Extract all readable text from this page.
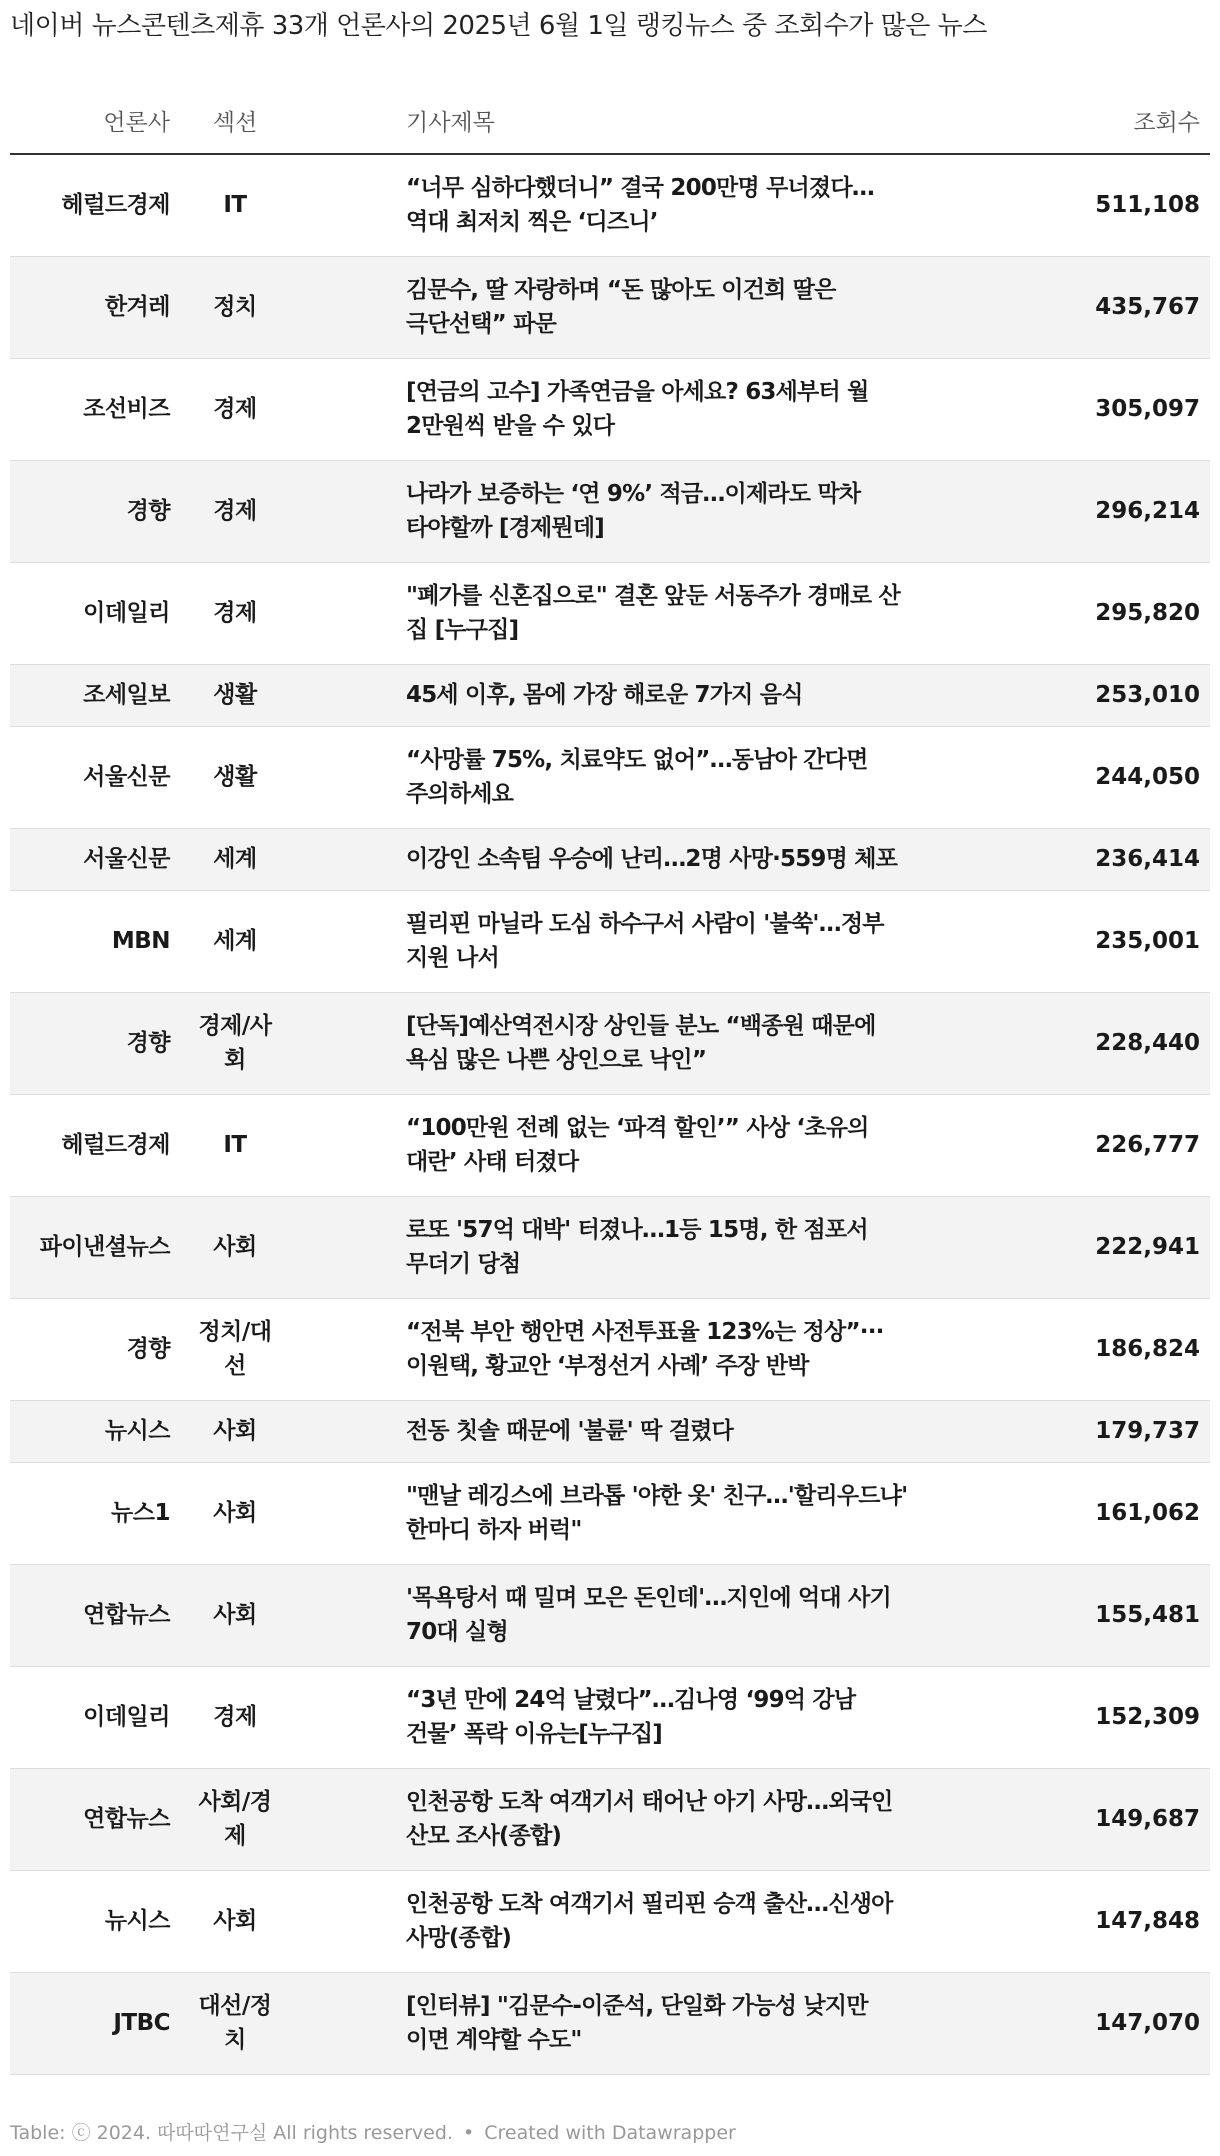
네이버 뉴스콘텐츠제휴 33개 언론사의 2025년 6월 1일 랭킹뉴스 중 조회수가 많은 뉴스
언론사	섹션	기사제목	조회수
헤럴드경제	IT	“너무 심하다했더니” 결국 200만명 무너졌다…역대 최저치 찍은 ‘디즈니’	511,108
한겨레	정치	김문수, 딸 자랑하며 “돈 많아도 이건희 딸은 극단선택” 파문	435,767
조선비즈	경제	[연금의 고수] 가족연금을 아세요? 63세부터 월 2만원씩 받을 수 있다	305,097
경향	경제	나라가 보증하는 ‘연 9%’ 적금…이제라도 막차 타야할까 [경제뭔데]	296,214
이데일리	경제	"폐가를 신혼집으로" 결혼 앞둔 서동주가 경매로 산 집 [누구집]	295,820
조세일보	생활	45세 이후, 몸에 가장 해로운 7가지 음식	253,010
서울신문	생활	“사망률 75%, 치료약도 없어”…동남아 간다면 주의하세요	244,050
서울신문	세계	이강인 소속팀 우승에 난리…2명 사망·559명 체포	236,414
MBN	세계	필리핀 마닐라 도심 하수구서 사람이 '불쑥'…정부 지원 나서	235,001
경향	경제/사회	[단독]예산역전시장 상인들 분노 “백종원 때문에 욕심 많은 나쁜 상인으로 낙인”	228,440
헤럴드경제	IT	“100만원 전례 없는 ‘파격 할인’” 사상 ‘초유의 대란’ 사태 터졌다	226,777
파이낸셜뉴스	사회	로또 '57억 대박' 터졌나…1등 15명, 한 점포서 무더기 당첨	222,941
경향	정치/대선	“전북 부안 행안면 사전투표율 123%는 정상”···이원택, 황교안 ‘부정선거 사례’ 주장 반박	186,824
뉴시스	사회	전동 칫솔 때문에 '불륜' 딱 걸렸다	179,737
뉴스1	사회	"맨날 레깅스에 브라톱 '야한 옷' 친구…'할리우드냐' 한마디 하자 버럭"	161,062
연합뉴스	사회	'목욕탕서 때 밀며 모은 돈인데'…지인에 억대 사기 70대 실형	155,481
이데일리	경제	“3년 만에 24억 날렸다”…김나영 ‘99억 강남 건물’ 폭락 이유는[누구집]	152,309
연합뉴스	사회/경제	인천공항 도착 여객기서 태어난 아기 사망…외국인 산모 조사(종합)	149,687
뉴시스	사회	인천공항 도착 여객기서 필리핀 승객 출산…신생아 사망(종합)	147,848
JTBC	대선/정치	[인터뷰] "김문수-이준석, 단일화 가능성 낮지만 이면 계약할 수도"	147,070
Table: ⓒ 2024. 따따따연구실 All rights reserved. • Created with Datawrapper
